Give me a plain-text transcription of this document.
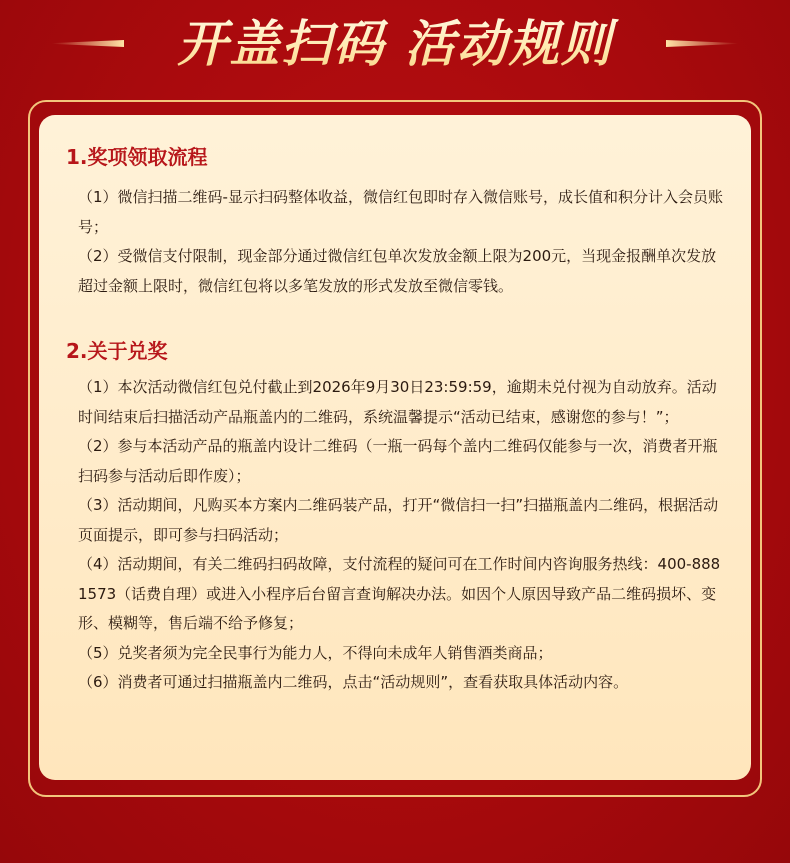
开盖扫码 活动规则
1.奖项领取流程

（1）微信扫描二维码-显示扫码整体收益，微信红包即时存入微信账号，成长值和积分计入会员账号；

（2）受微信支付限制，现金部分通过微信红包单次发放金额上限为200元，当现金报酬单次发放超过金额上限时，微信红包将以多笔发放的形式发放至微信零钱。

2.关于兑奖

（1）本次活动微信红包兑付截止到2026年9月30日23:59:59，逾期未兑付视为自动放弃。活动时间结束后扫描活动产品瓶盖内的二维码，系统温馨提示“活动已结束，感谢您的参与！”；

（2）参与本活动产品的瓶盖内设计二维码（一瓶一码每个盖内二维码仅能参与一次，消费者开瓶扫码参与活动后即作废）；

（3）活动期间，凡购买本方案内二维码装产品，打开“微信扫一扫”扫描瓶盖内二维码，根据活动页面提示，即可参与扫码活动；

（4）活动期间，有关二维码扫码故障，支付流程的疑问可在工作时间内咨询服务热线：400-8881573（话费自理）或进入小程序后台留言查询解决办法。如因个人原因导致产品二维码损坏、变形、模糊等，售后端不给予修复；

（5）兑奖者须为完全民事行为能力人，不得向未成年人销售酒类商品；

（6）消费者可通过扫描瓶盖内二维码，点击“活动规则”，查看获取具体活动内容。
